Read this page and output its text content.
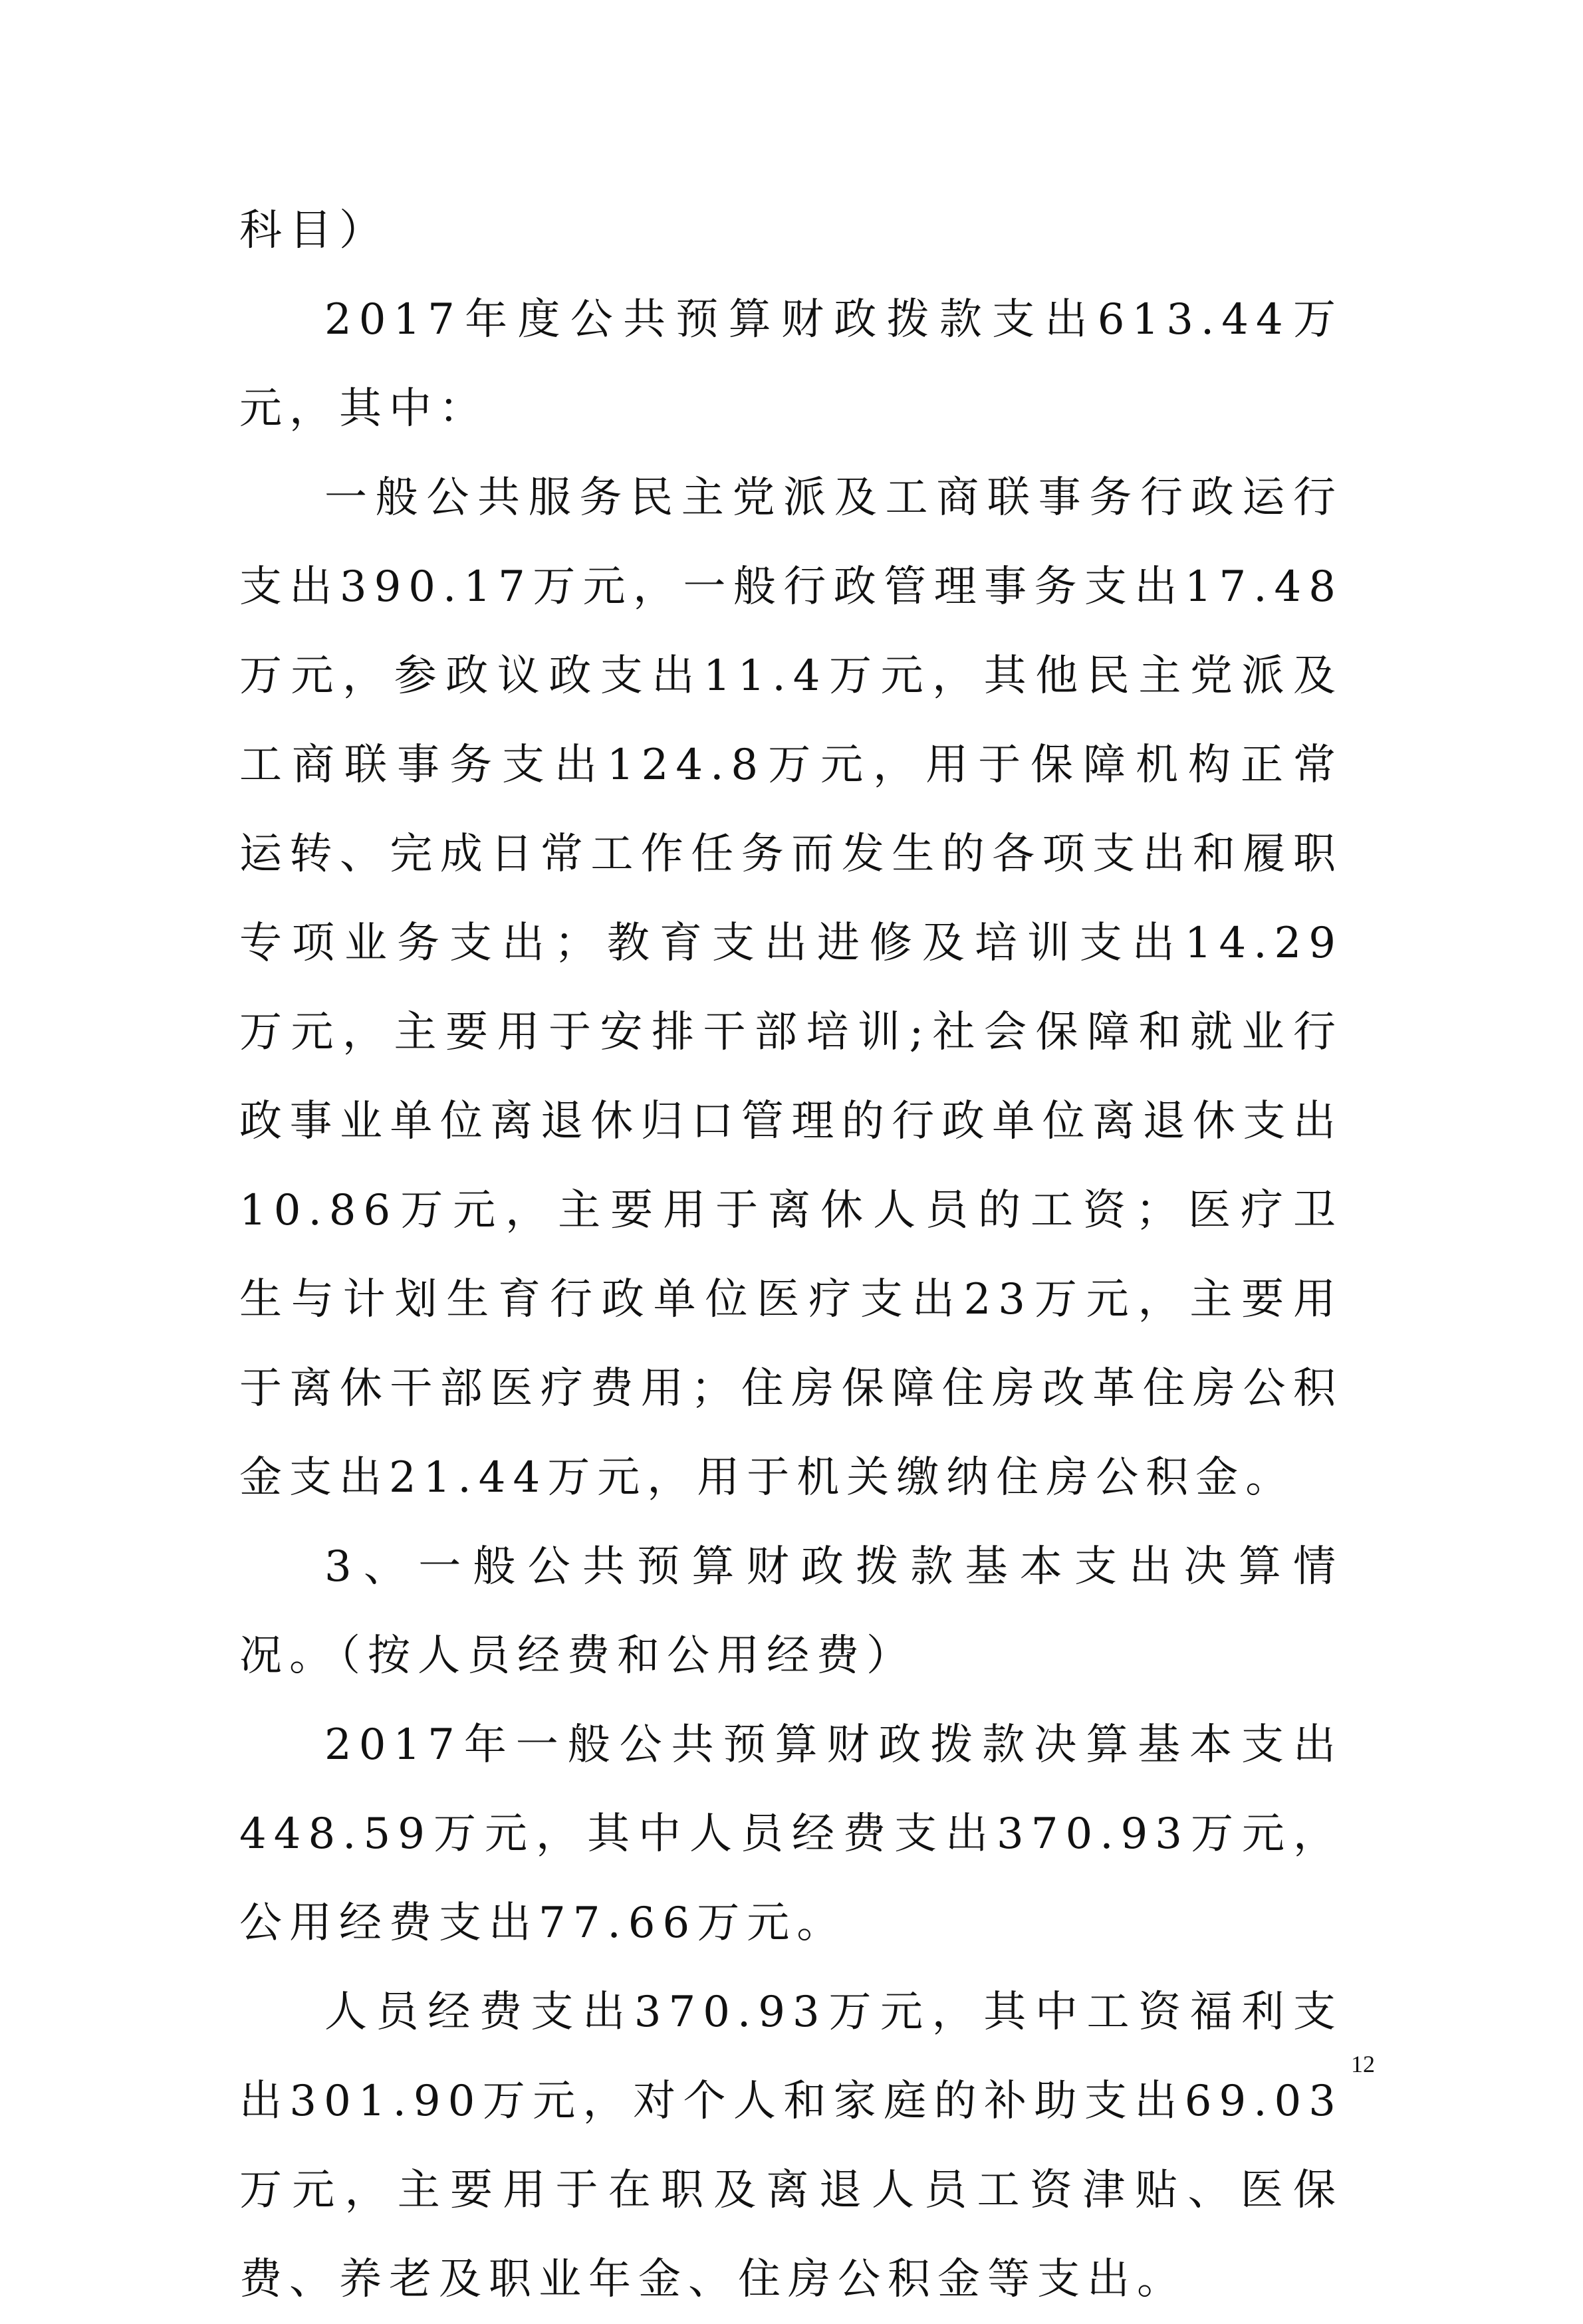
科目）

2017年度公共预算财政拨款支出613.44万元，其中：

一般公共服务民主党派及工商联事务行政运行支出390.17万元，一般行政管理事务支出17.48万元，参政议政支出11.4万元，其他民主党派及工商联事务支出124.8万元，用于保障机构正常运转、完成日常工作任务而发生的各项支出和履职专项业务支出；教育支出进修及培训支出14.29万元，主要用于安排干部培训;社会保障和就业行政事业单位离退休归口管理的行政单位离退休支出10.86万元，主要用于离休人员的工资；医疗卫生与计划生育行政单位医疗支出23万元，主要用于离休干部医疗费用；住房保障住房改革住房公积金支出21.44万元，用于机关缴纳住房公积金。

3、一般公共预算财政拨款基本支出决算情况。（按人员经费和公用经费）

2017年一般公共预算财政拨款决算基本支出448.59万元，其中人员经费支出370.93万元，公用经费支出77.66万元。

人员经费支出370.93万元，其中工资福利支出301.90万元，对个人和家庭的补助支出69.03万元，主要用于在职及离退人员工资津贴、医保费、养老及职业年金、住房公积金等支出。

12
